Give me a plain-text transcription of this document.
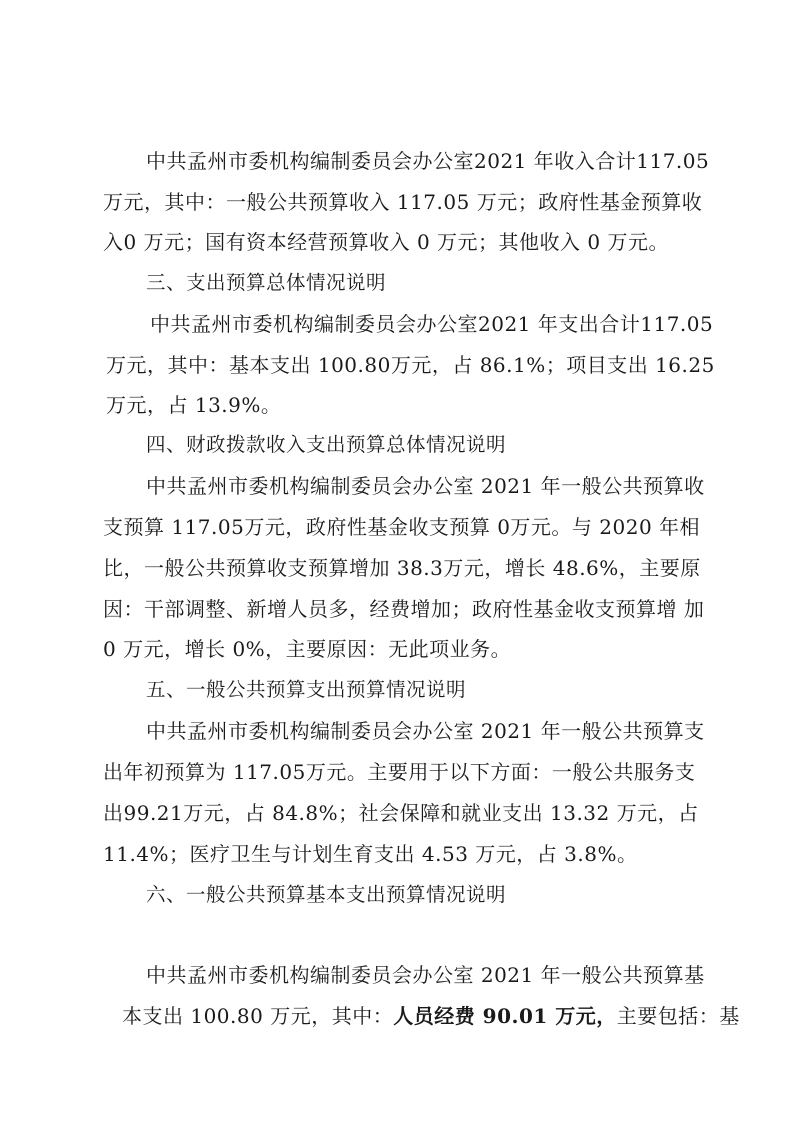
中共孟州市委机构编制委员会办公室2021 年收入合计117.05
万元，其中：一般公共预算收入 117.05 万元；政府性基金预算收
入0 万元；国有资本经营预算收入 0 万元；其他收入 0 万元。
三、支出预算总体情况说明
中共孟州市委机构编制委员会办公室2021 年支出合计117.05
万元，其中：基本支出 100.80万元，占 86.1%；项目支出 16.25
万元，占 13.9%。
四、财政拨款收入支出预算总体情况说明
中共孟州市委机构编制委员会办公室 2021 年一般公共预算收
支预算 117.05万元，政府性基金收支预算 0万元。与 2020 年相
比，一般公共预算收支预算增加 38.3万元，增长 48.6%，主要原
因：干部调整、新增人员多，经费增加；政府性基金收支预算增 加
0 万元，增长 0%，主要原因：无此项业务。
五、一般公共预算支出预算情况说明
中共孟州市委机构编制委员会办公室 2021 年一般公共预算支
出年初预算为 117.05万元。主要用于以下方面：一般公共服务支
出99.21万元，占 84.8%；社会保障和就业支出 13.32 万元，占
11.4%；医疗卫生与计划生育支出 4.53 万元，占 3.8%。
六、一般公共预算基本支出预算情况说明
中共孟州市委机构编制委员会办公室 2021 年一般公共预算基
本支出 100.80 万元，其中：人员经费 90.01 万元，主要包括：基
